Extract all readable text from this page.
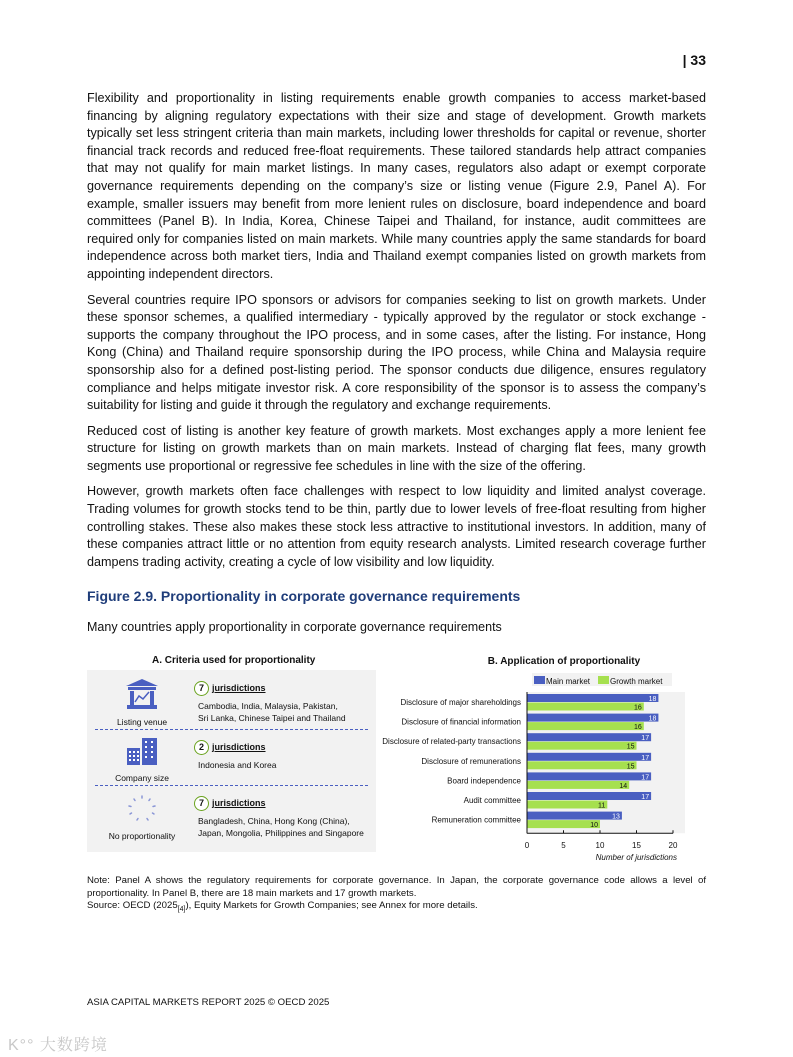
| 33

Flexibility and proportionality in listing requirements enable growth companies to access market-based financing by aligning regulatory expectations with their size and stage of development. Growth markets typically set less stringent criteria than main markets, including lower thresholds for capital or revenue, shorter financial track records and reduced free-float requirements. These tailored standards help attract companies that may not qualify for main market listings. In many cases, regulators also adapt or exempt corporate governance requirements depending on the company’s size or listing venue (Figure 2.9, Panel A). For example, smaller issuers may benefit from more lenient rules on disclosure, board independence and board committees (Panel B). In India, Korea, Chinese Taipei and Thailand, for instance, audit committees are required only for companies listed on main markets. While many countries apply the same standards for board independence across both market tiers, India and Thailand exempt companies listed on growth markets from appointing independent directors.

Several countries require IPO sponsors or advisors for companies seeking to list on growth markets. Under these sponsor schemes, a qualified intermediary - typically approved by the regulator or stock exchange - supports the company throughout the IPO process, and in some cases, after the listing. For instance, Hong Kong (China) and Thailand require sponsorship during the IPO process, while China and Malaysia require sponsorship also for a defined post-listing period. The sponsor conducts due diligence, ensures regulatory compliance and helps mitigate investor risk. A core responsibility of the sponsor is to assess the company’s suitability for listing and guide it through the regulatory and exchange requirements.

Reduced cost of listing is another key feature of growth markets. Most exchanges apply a more lenient fee structure for listing on growth markets than on main markets. Instead of charging flat fees, many growth segments use proportional or regressive fee schedules in line with the size of the offering.

However, growth markets often face challenges with respect to low liquidity and limited analyst coverage. Trading volumes for growth stocks tend to be thin, partly due to lower levels of free-float resulting from higher controlling stakes. These also makes these stock less attractive to institutional investors. In addition, many of these companies attract little or no attention from equity research analysts. Limited research coverage further dampens trading activity, creating a cycle of low visibility and low liquidity.

Figure 2.9. Proportionality in corporate governance requirements
Many countries apply proportionality in corporate governance requirements
A. Criteria used for proportionality
Listing venue
7 jurisdictions
Cambodia, India, Malaysia, Pakistan,
Sri Lanka, Chinese Taipei and Thailand
Company size
2 jurisdictions
Indonesia and Korea
No proportionality
7 jurisdictions
Bangladesh, China, Hong Kong (China),
Japan, Mongolia, Philippines and Singapore
B. Application of proportionality
Main market Growth market
18
16
18
16
17
15
17
15
17
14
17
11
13
10
Disclosure of major shareholdings
Disclosure of financial information
Disclosure of related-party transactions
Disclosure of remunerations
Board independence
Audit committee
Remuneration committee
0	5	10	15	20
Number of jurisdictions
Note: Panel A shows the regulatory requirements for corporate governance. In Japan, the corporate governance code allows a level of proportionality. In Panel B, there are 18 main markets and 17 growth markets.
Source: OECD $(2025_{[4]})$, Equity Markets for Growth Companies; see Annex for more details.
ASIA CAPITAL MARKETS REPORT 2025 © OECD 2025
K°° 大数跨境
